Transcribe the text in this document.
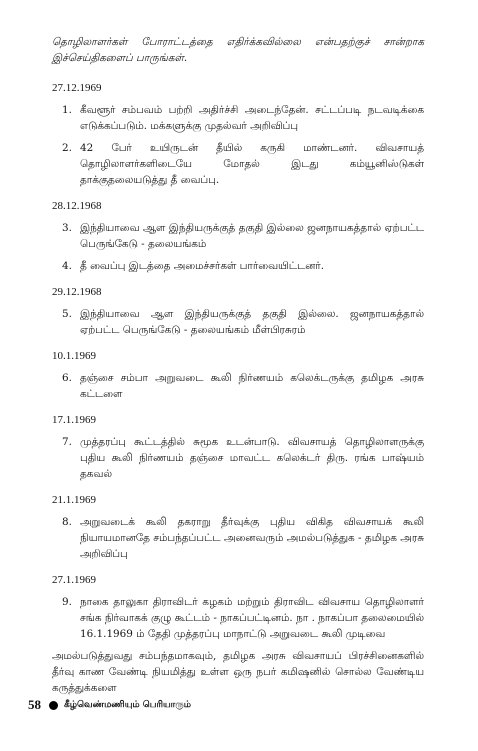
தொழிலாளர்கள் போராட்டத்தை எதிர்க்கவில்லை என்பதற்குச் சான்றாக இச்செய்திகளைப் பாருங்கள்.

27.12.1969
1. கீவளூர் சம்பவம் பற்றி அதிர்ச்சி அடைந்தேன். சட்டப்படி நடவடிக்கை எடுக்கப்படும். மக்களுக்கு முதல்வர் அறிவிப்பு
2. 42 பேர் உயிருடன் தீயில் கருகி மாண்டனர். விவசாயத் தொழிலாளர்களிடையே மோதல் இடது கம்யூனிஸ்டுகள் தாக்குதலையடுத்து தீ வைப்பு.
28.12.1968
3. இந்தியாவை ஆள இந்தியருக்குத் தகுதி இல்லை ஜனநாயகத்தால் ஏற்பட்ட பெருங்கேடு - தலையங்கம்
4. தீ வைப்பு இடத்தை அமைச்சர்கள் பார்வையிட்டனர்.
29.12.1968
5. இந்தியாவை ஆள இந்தியருக்குத் தகுதி இல்லை. ஜனநாயகத்தால் ஏற்பட்ட பெருங்கேடு - தலையங்கம் மீள்பிரசுரம்
10.1.1969
6. தஞ்சை சம்பா அறுவடை கூலி நிர்ணயம் கலெக்டருக்கு தமிழக அரசு கட்டளை
17.1.1969
7. முத்தரப்பு கூட்டத்தில் சுமூக உடன்பாடு. விவசாயத் தொழிலாளருக்கு புதிய கூலி நிர்ணயம் தஞ்சை மாவட்ட கலெக்டர் திரு. ரங்க பாஷ்யம் தகவல்
21.1.1969
8. அறுவடைக் கூலி தகராறு தீர்வுக்கு புதிய விகித விவசாயக் கூலி நியாயமானதே சம்பந்தப்பட்ட அனைவரும் அமல்படுத்துக - தமிழக அரசு அறிவிப்பு
27.1.1969
9. நாகை தாலுகா திராவிடர் கழகம் மற்றும் திராவிட விவசாய தொழிலாளர் சங்க நிர்வாகக் குழு கூட்டம் - நாகப்பட்டினம். நா . நாகப்பா தலைமையில் 16.1.1969 ம் தேதி முத்தரப்பு மாநாட்டு அறுவடை கூலி முடிவை

அமல்படுத்துவது சம்பந்தமாகவும், தமிழக அரசு விவசாயப் பிரச்சினைகளில் தீர்வு காண வேண்டி நியமித்து உள்ள ஒரு நபர் கமிஷனில் சொல்ல வேண்டிய கருத்துக்களை

58	கீழ்வெண்மணியும் பெரியாரும்
